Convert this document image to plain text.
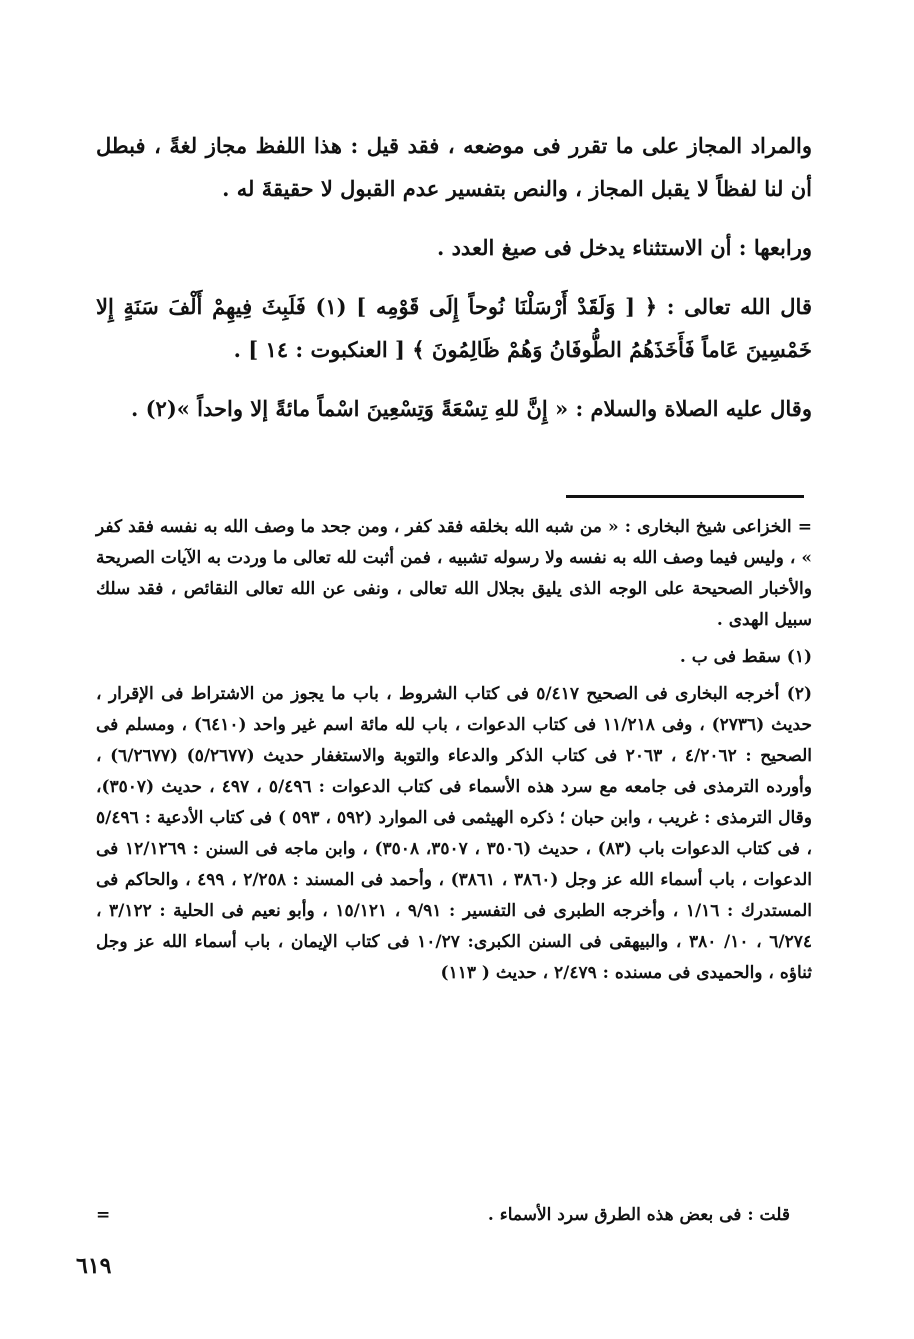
والمراد المجاز على ما تقرر فى موضعه ، فقد قيل : هذا اللفظ مجاز لغةً ، فبطل أن لنا لفظاً لا يقبل المجاز ، والنص بتفسير عدم القبول لا حقيقةَ له .

ورابعها : أن الاستثناء يدخل فى صيغ العدد .

قال الله تعالى : ﴿ [ وَلَقَدْ أَرْسَلْنَا نُوحاً إِلَى قَوْمِه ] (١) فَلَبِثَ فِيهِمْ أَلْفَ سَنَةٍ إِلا خَمْسِينَ عَاماً فَأَخَذَهُمُ الطُّوفَانُ وَهُمْ ظَالِمُونَ ﴾ [ العنكبوت : ١٤ ] .

وقال عليه الصلاة والسلام : « إِنَّ للهِ تِسْعَةً وَتِسْعِينَ اسْماً مائةً إلا واحداً »(٢) .

= الخزاعى شيخ البخارى : « من شبه الله بخلقه فقد كفر ، ومن جحد ما وصف الله به نفسه فقد كفر » ، وليس فيما وصف الله به نفسه ولا رسوله تشبيه ، فمن أثبت لله تعالى ما وردت به الآيات الصريحة والأخبار الصحيحة على الوجه الذى يليق بجلال الله تعالى ، ونفى عن الله تعالى النقائص ، فقد سلك سبيل الهدى .

(١) سقط فى ب .

(٢) أخرجه البخارى فى الصحيح ٥/٤١٧ فى كتاب الشروط ، باب ما يجوز من الاشتراط فى الإقرار ، حديث (٢٧٣٦) ، وفى ١١/٢١٨ فى كتاب الدعوات ، باب لله مائة اسم غير واحد (٦٤١٠) ، ومسلم فى الصحيح : ٤/٢٠٦٢ ، ٢٠٦٣ فى كتاب الذكر والدعاء والتوبة والاستغفار حديث (٥/٢٦٧٧) (٦/٢٦٧٧) ، وأورده الترمذى فى جامعه مع سرد هذه الأسماء فى كتاب الدعوات : ٥/٤٩٦ ، ٤٩٧ ، حديث (٣٥٠٧)، وقال الترمذى : غريب ، وابن حبان ؛ ذكره الهيثمى فى الموارد (٥٩٢ ، ٥٩٣ ) فى كتاب الأدعية : ٥/٤٩٦ ، فى كتاب الدعوات باب (٨٣) ، حديث (٣٥٠٦ ، ٣٥٠٧، ٣٥٠٨) ، وابن ماجه فى السنن : ١٢/١٢٦٩ فى الدعوات ، باب أسماء الله عز وجل (٣٨٦٠ ، ٣٨٦١) ، وأحمد فى المسند : ٢/٢٥٨ ، ٤٩٩ ، والحاكم فى المستدرك : ١/١٦ ، وأخرجه الطبرى فى التفسير : ٩/٩١ ، ١٥/١٢١ ، وأبو نعيم فى الحلية : ٣/١٢٢ ، ٦/٢٧٤ ، ١٠/ ٣٨٠ ، والبيهقى فى السنن الكبرى: ١٠/٢٧ فى كتاب الإيمان ، باب أسماء الله عز وجل ثناؤه ، والحميدى فى مسنده : ٢/٤٧٩ ، حديث ( ١١٣)

قلت : فى بعض هذه الطرق سرد الأسماء .
=
٦١٩
